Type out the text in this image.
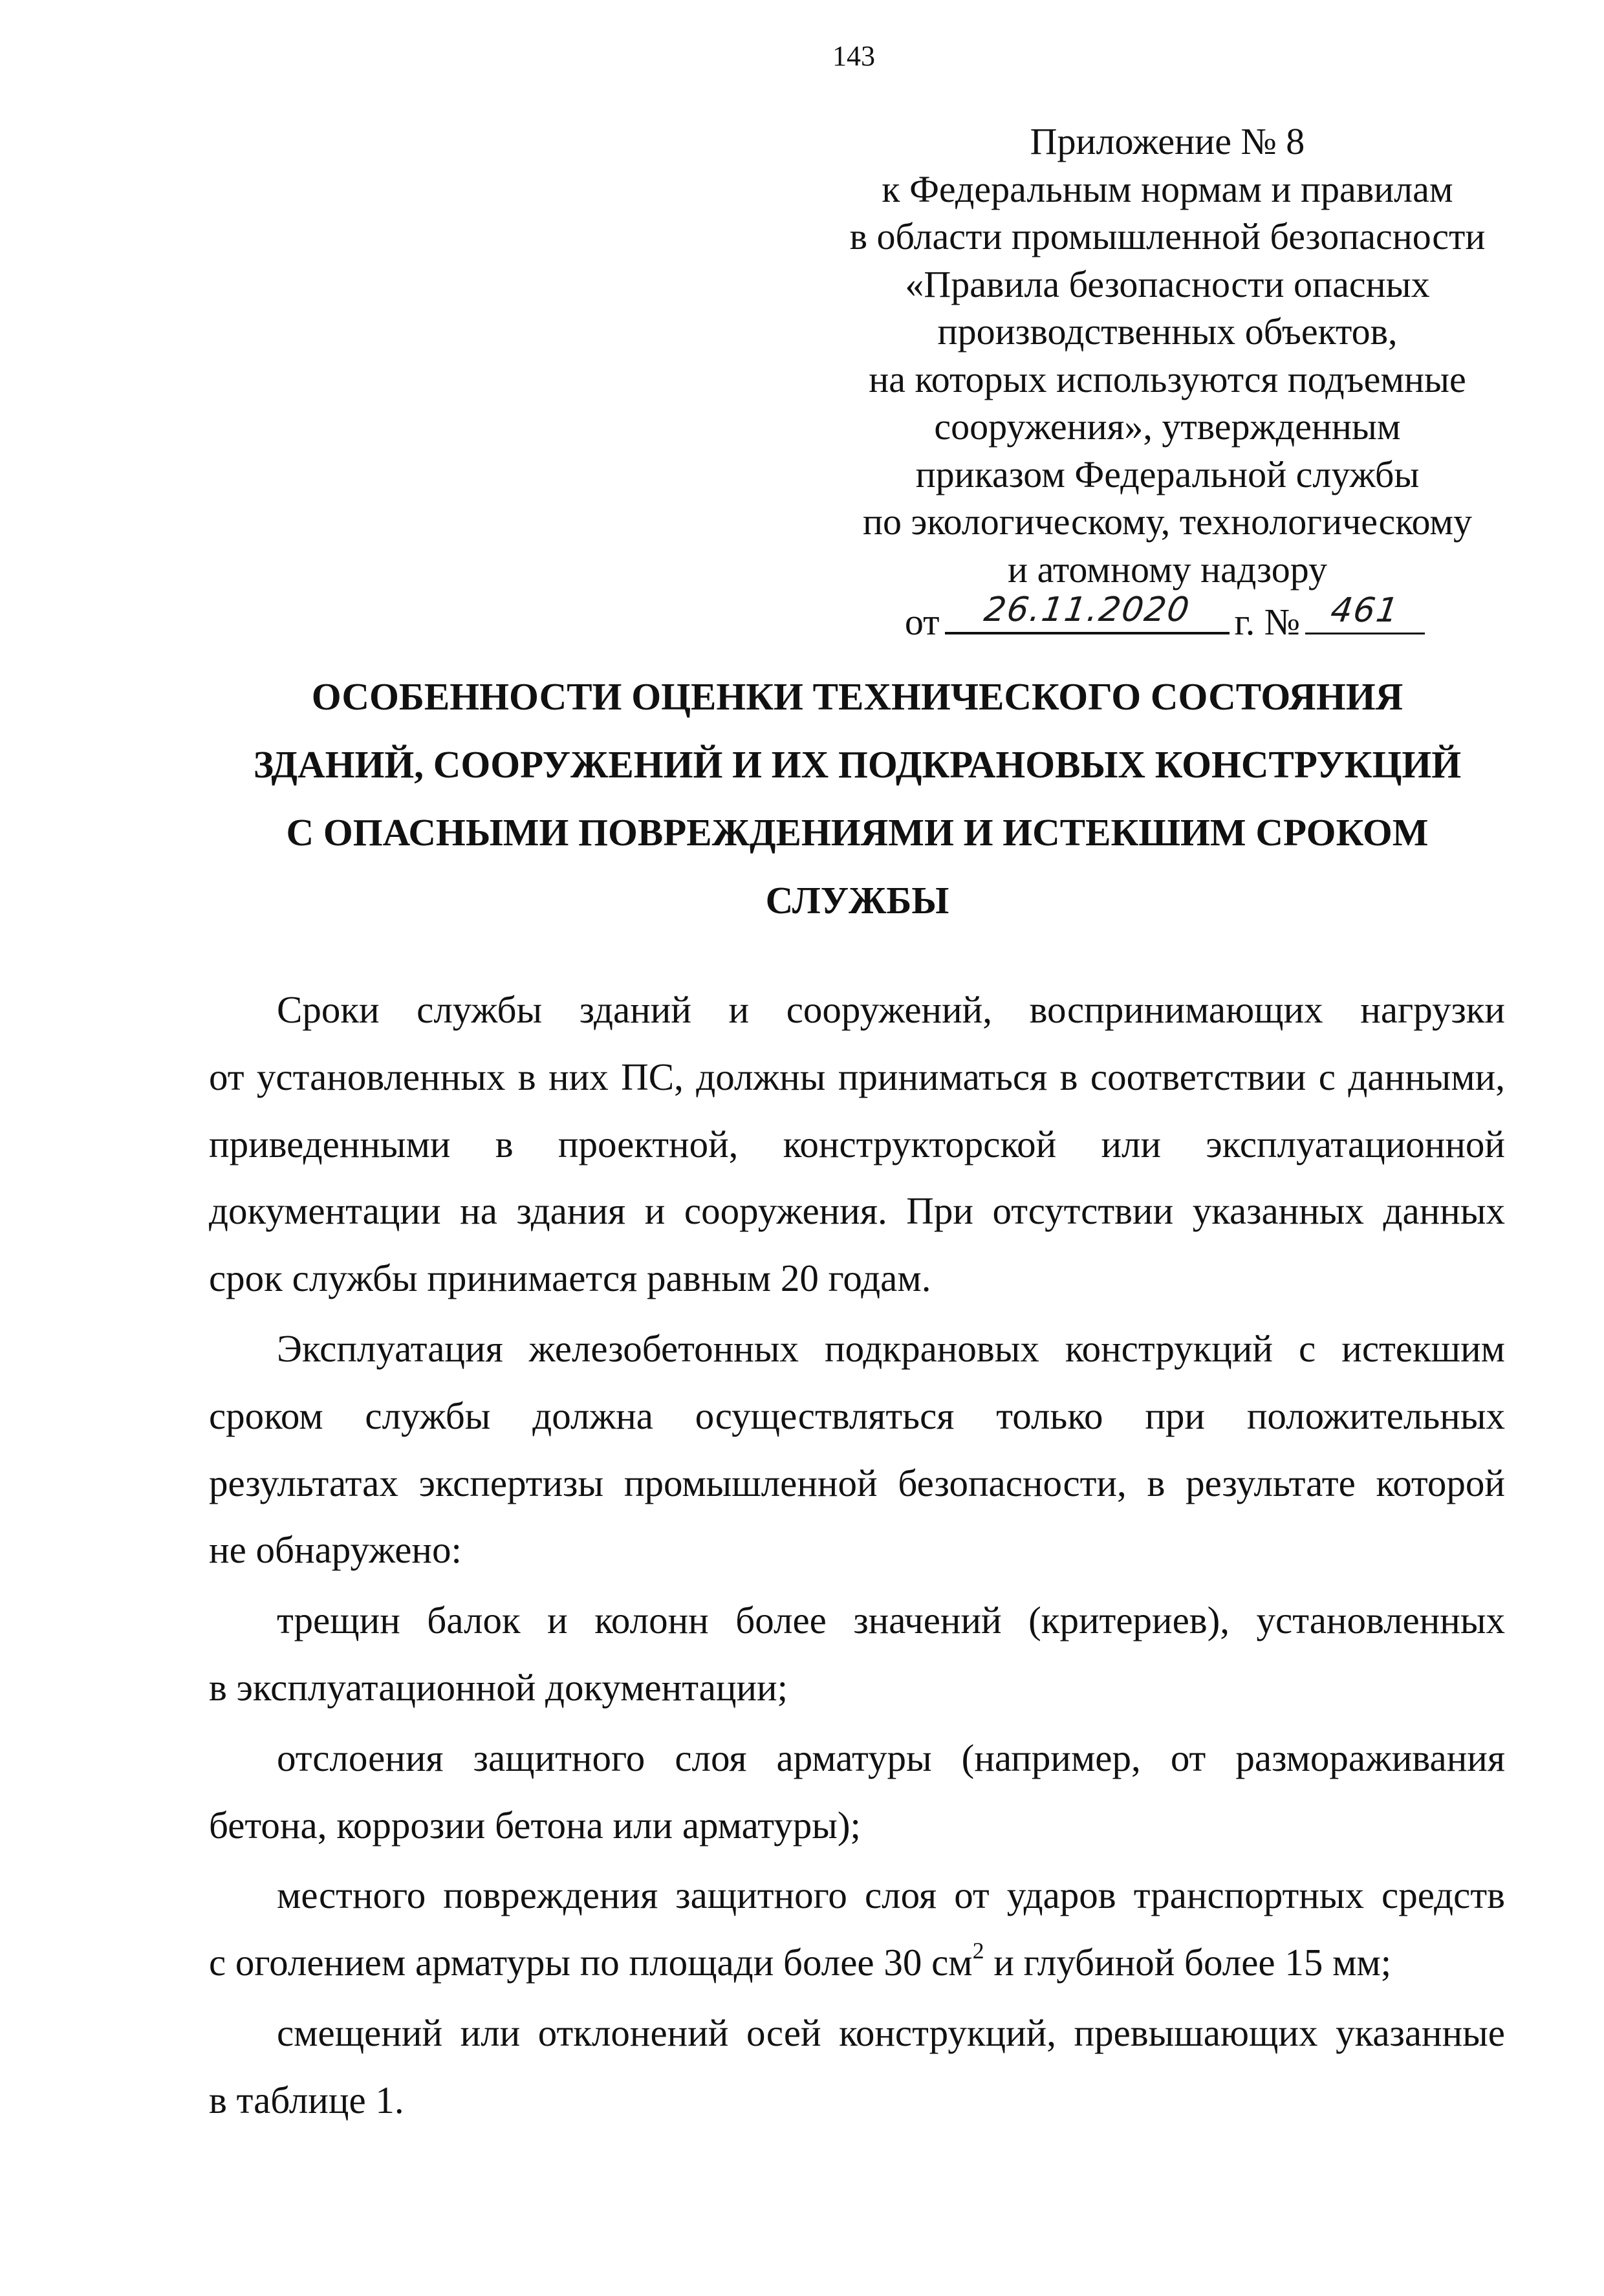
143
Приложение № 8
к Федеральным нормам и правилам
в области промышленной безопасности
«Правила безопасности опасных
производственных объектов,
на которых используются подъемные
сооружения», утвержденным
приказом Федеральной службы
по экологическому, технологическому
и атомному надзору
от	26.11.2020	г. № 461
ОСОБЕННОСТИ ОЦЕНКИ ТЕХНИЧЕСКОГО СОСТОЯНИЯ
ЗДАНИЙ, СООРУЖЕНИЙ И ИХ ПОДКРАНОВЫХ КОНСТРУКЦИЙ
С ОПАСНЫМИ ПОВРЕЖДЕНИЯМИ И ИСТЕКШИМ СРОКОМ
СЛУЖБЫ
Сроки службы зданий и сооружений, воспринимающих нагрузки
от установленных в них ПС, должны приниматься в соответствии с данными,
приведенными в проектной, конструкторской или эксплуатационной
документации на здания и сооружения. При отсутствии указанных данных
срок службы принимается равным 20 годам.
Эксплуатация железобетонных подкрановых конструкций с истекшим
сроком службы должна осуществляться только при положительных
результатах экспертизы промышленной безопасности, в результате которой
не обнаружено:
трещин балок и колонн более значений (критериев), установленных
в эксплуатационной документации;
отслоения защитного слоя арматуры (например, от размораживания
бетона, коррозии бетона или арматуры);
местного повреждения защитного слоя от ударов транспортных средств
с оголением арматуры по площади более 30 $см^2$ и глубиной более 15 мм;
смещений или отклонений осей конструкций, превышающих указанные
в таблице 1.
